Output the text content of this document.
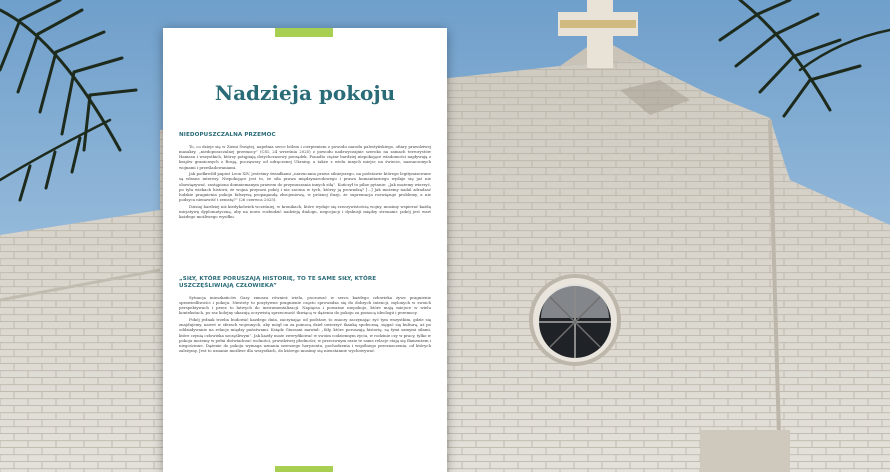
Nadzieja pokoju
NIEDOPUSZCZALNA PRZEMOC

To, co dzieje się w Ziemi Świętej, napełnia serce bólem i cierpieniem z powodu narodu palestyńskiego, ofiary prawdziwej masakry, „niedopuszczalnej przemocy” (CSI, 24 września 2025) z powodu nadzwyczajnie szeroko na zamach terrorystów Hamasu i wszystkich, którzy potępiają dotychczasowy porządek. Ponadto ciężar bardziej niepokojące wiadomości napływają z krajów granicznych z Rosją, począwszy od udręczonej Ukrainy, a także z wielu innych miejsc na świecie, naznaczonych wojnami i prześladowaniami.

Jak podkreślił papież Leon XIV, jesteśmy świadkami „narzucania prawa silniejszego, na podstawie którego legitymizowane są własne interesy. Niepokojące jest to, że siła prawa międzynarodowego i prawa humanitarnego wydaje się już nie obowiązywać, zastąpiona domniemanym prawem do przymuszania innych siłą”. Kończył to pilne pytanie: „Jak możemy wierzyć, po tylu wiekach historii, że wojna przynosi pokój i nie zaczna w tych, którzy ją prowadzą? [...] Jak możemy nadal zdradzać ludzkie pragnienia pokoju fałszywą propagandą zbrojeniową, w próżnej iluzji, że supremacja rozwiązuje problemy, a nie podsyca nienawiść i zemstę?” (26 czerwca 2025).

Dzisiaj bardziej niż kiedykolwiek wcześniej, w kronikach, które wydaje się rzeczywistością wojny, musimy wspierać każdą inicjatywę dyplomatyczną, aby na nowo rozbudzić nadzieję dialogu, negocjacji i dyskusji między stronami: pokój jest wart każdego możliwego wysiłku.

„SIŁY, KTÓRE PORUSZAJĄ HISTORIĘ, TO TE SAME SIŁY, KTÓRE USZCZĘŚLIWIAJĄ CZŁOWIEKA”

Sytuacja mieszkańców Gazy zmusza również wielu, poczuwać w sercu każdego człowieka żywe pragnienie sprawiedliwości i pokoju. Niestety to pozytywne pragnienie często sprowadza się do dobrych intencji, mylonych w swoich perspektywach i przez to łatwych do instrumentalizacji. Napięcia i poważne niepokoje, które mają miejsce w wielu kontekstach, po raz kolejny ukazują oczywistą sprzeczność tkwiącą w dążeniu do pokoju za pomocą ideologii i przemocy.

Pokój jednak trzeba budować każdego dnia, zaczynając od podstaw, to znaczy zaczynając żyć tym wszystkim, gdzie się znajdujemy, nawet w sferach wojennych, aby mógł on za pomocą dzieł uwierzyć tkankę społeczną, sięgać się kulturą, aż po oddziaływanie na relacje między państwami. Ksiądz Giussani mawiał: „Siły, które poruszają historię, są tymi samymi siłami, które czynią człowieka szczęśliwym”. Jak każdy może zweryfikować w swoim codziennym życiu, w rodzinie czy w pracy, tylko w pokoju możemy w pełni doświadczać wolności, prawdziwej płodności; w przeciwnym razie te same relacje stają się flamenżem i niegościnne. Dążenie do pokoju wymaga uznania szerszego horyzontu, pochodzenia i wspólnego przeznaczenia, od których zależymy. Jest to uznanie możliwe dla wszystkich, do którego musimy się nieustannie wychowywać.
